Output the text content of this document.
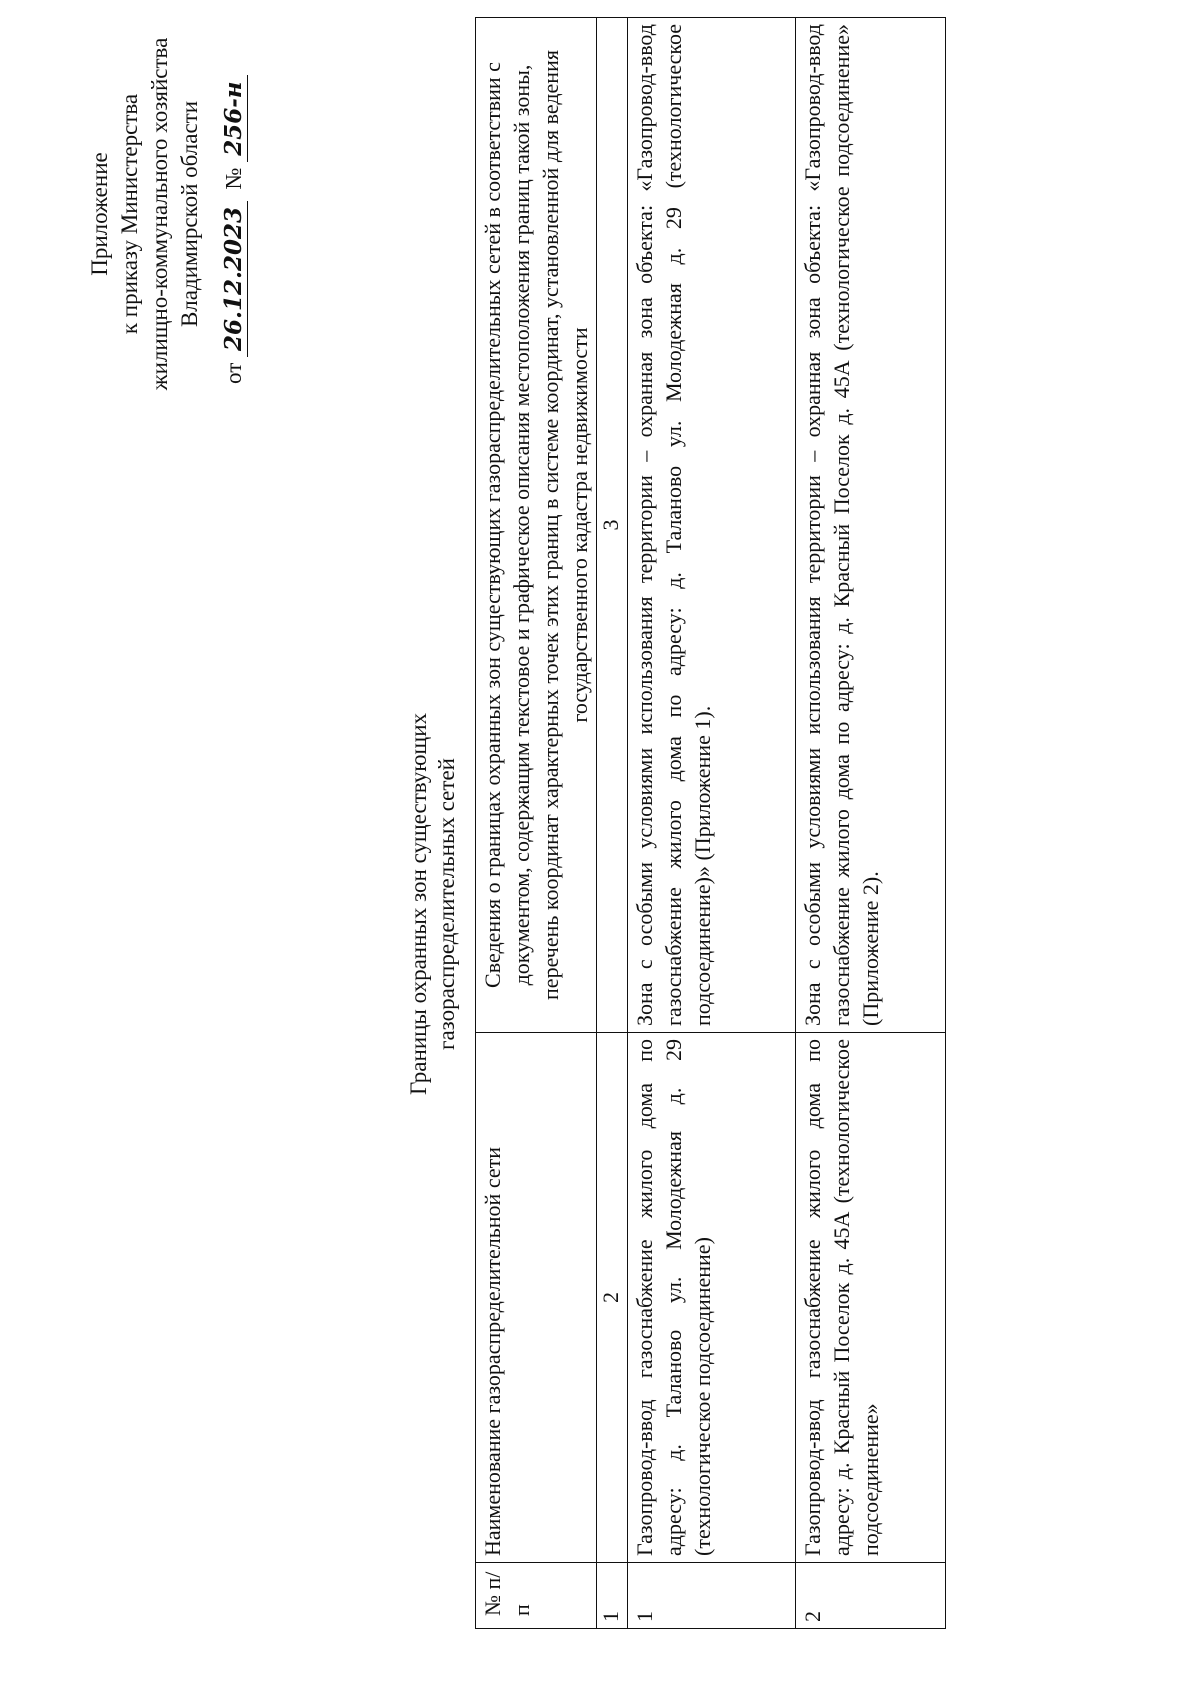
Приложение к приказу Министерства жилищно-коммунального хозяйства Владимирской области
от 26.12.2023  № 256-н
Границы охранных зон существующих газораспределительных сетей
№ п/п	Наименование газораспределительной сети	Сведения о границах охранных зон существующих газораспределительных сетей в соответствии с документом, содержащим текстовое и графическое описания местоположения границ такой зоны, перечень координат характерных точек этих границ в системе координат, установленной для ведения государственного кадастра недвижимости
1	2	3
1	Газопровод-ввод газоснабжение жилого дома по адресу: д. Таланово ул. Молодежная д. 29 (технологическое подсоединение)	Зона с особыми условиями использования территории – охранная зона объекта: «Газопровод-ввод газоснабжение жилого дома по адресу: д. Таланово ул. Молодежная д. 29 (технологическое подсоединение)» (Приложение 1).
2	Газопровод-ввод газоснабжение жилого дома по адресу: д. Красный Поселок д. 45А (технологическое подсоединение»	Зона с особыми условиями использования территории – охранная зона объекта: «Газопровод-ввод газоснабжение жилого дома по адресу: д. Красный Поселок д. 45А (технологическое подсоединение» (Приложение 2).
